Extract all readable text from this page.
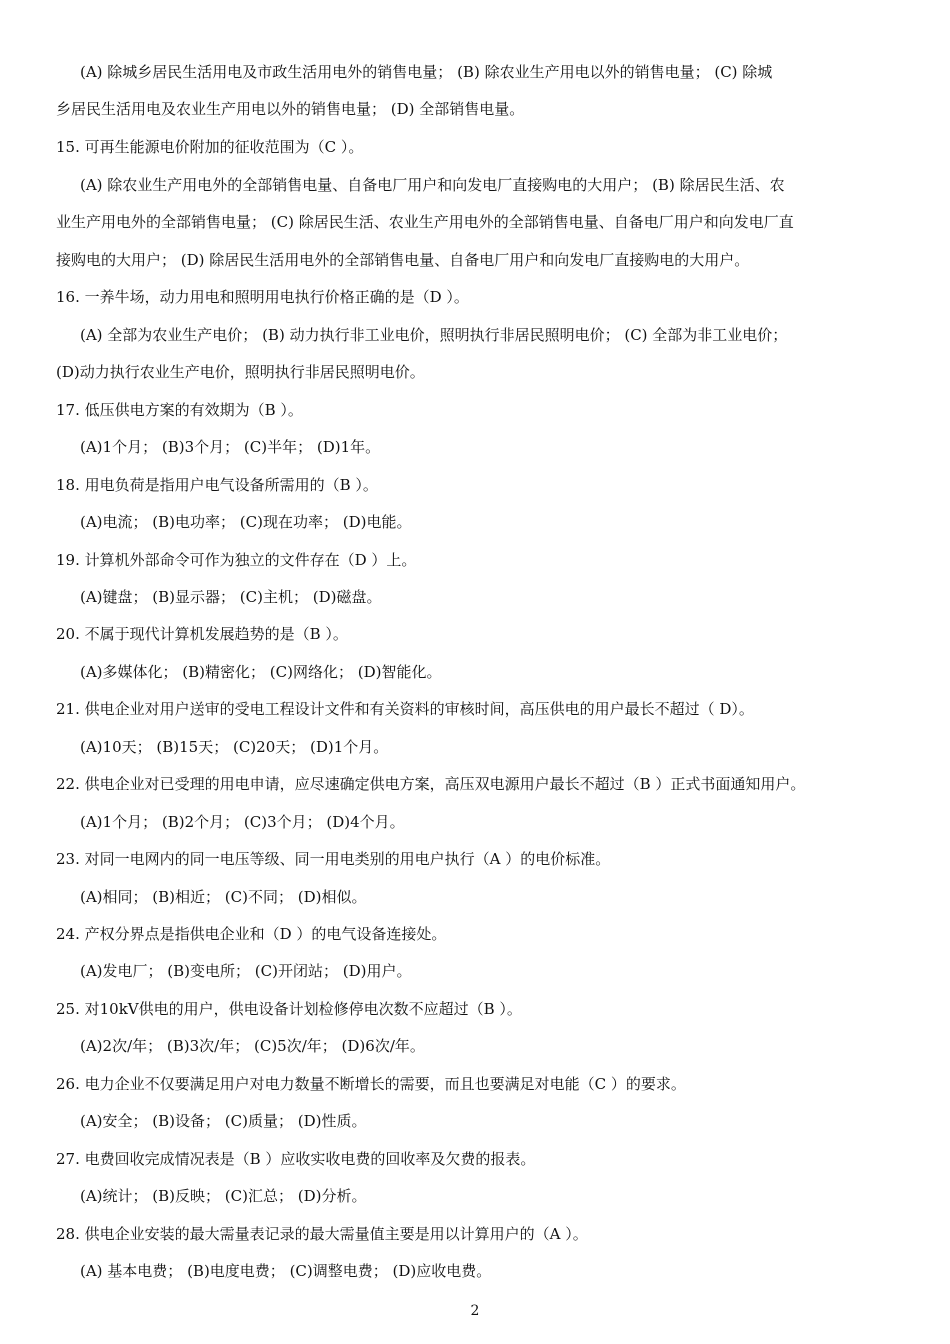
(A) 除城乡居民生活用电及市政生活用电外的销售电量； (B) 除农业生产用电以外的销售电量； (C) 除城
乡居民生活用电及农业生产用电以外的销售电量； (D) 全部销售电量。
15. 可再生能源电价附加的征收范围为（C ）。
(A) 除农业生产用电外的全部销售电量、自备电厂用户和向发电厂直接购电的大用户； (B) 除居民生活、农
业生产用电外的全部销售电量； (C) 除居民生活、农业生产用电外的全部销售电量、自备电厂用户和向发电厂直
接购电的大用户； (D) 除居民生活用电外的全部销售电量、自备电厂用户和向发电厂直接购电的大用户。
16. 一养牛场，动力用电和照明用电执行价格正确的是（D ）。
(A) 全部为农业生产电价； (B) 动力执行非工业电价，照明执行非居民照明电价； (C) 全部为非工业电价；
(D)动力执行农业生产电价，照明执行非居民照明电价。
17. 低压供电方案的有效期为（B ）。
(A)1个月； (B)3个月； (C)半年； (D)1年。
18. 用电负荷是指用户电气设备所需用的（B ）。
(A)电流； (B)电功率； (C)现在功率； (D)电能。
19. 计算机外部命令可作为独立的文件存在（D ）上。
(A)键盘； (B)显示器； (C)主机； (D)磁盘。
20. 不属于现代计算机发展趋势的是（B ）。
(A)多媒体化； (B)精密化； (C)网络化； (D)智能化。
21. 供电企业对用户送审的受电工程设计文件和有关资料的审核时间，高压供电的用户最长不超过（ D）。
(A)10天； (B)15天； (C)20天； (D)1个月。
22. 供电企业对已受理的用电申请，应尽速确定供电方案，高压双电源用户最长不超过（B ）正式书面通知用户。
(A)1个月； (B)2个月； (C)3个月； (D)4个月。
23. 对同一电网内的同一电压等级、同一用电类别的用电户执行（A ）的电价标准。
(A)相同； (B)相近； (C)不同； (D)相似。
24. 产权分界点是指供电企业和（D ）的电气设备连接处。
(A)发电厂； (B)变电所； (C)开闭站； (D)用户。
25. 对10kV供电的用户，供电设备计划检修停电次数不应超过（B ）。
(A)2次/年； (B)3次/年； (C)5次/年； (D)6次/年。
26. 电力企业不仅要满足用户对电力数量不断增长的需要，而且也要满足对电能（C ）的要求。
(A)安全； (B)设备； (C)质量； (D)性质。
27. 电费回收完成情况表是（B ）应收实收电费的回收率及欠费的报表。
(A)统计； (B)反映； (C)汇总； (D)分析。
28. 供电企业安装的最大需量表记录的最大需量值主要是用以计算用户的（A ）。
(A) 基本电费； (B)电度电费； (C)调整电费； (D)应收电费。
2
